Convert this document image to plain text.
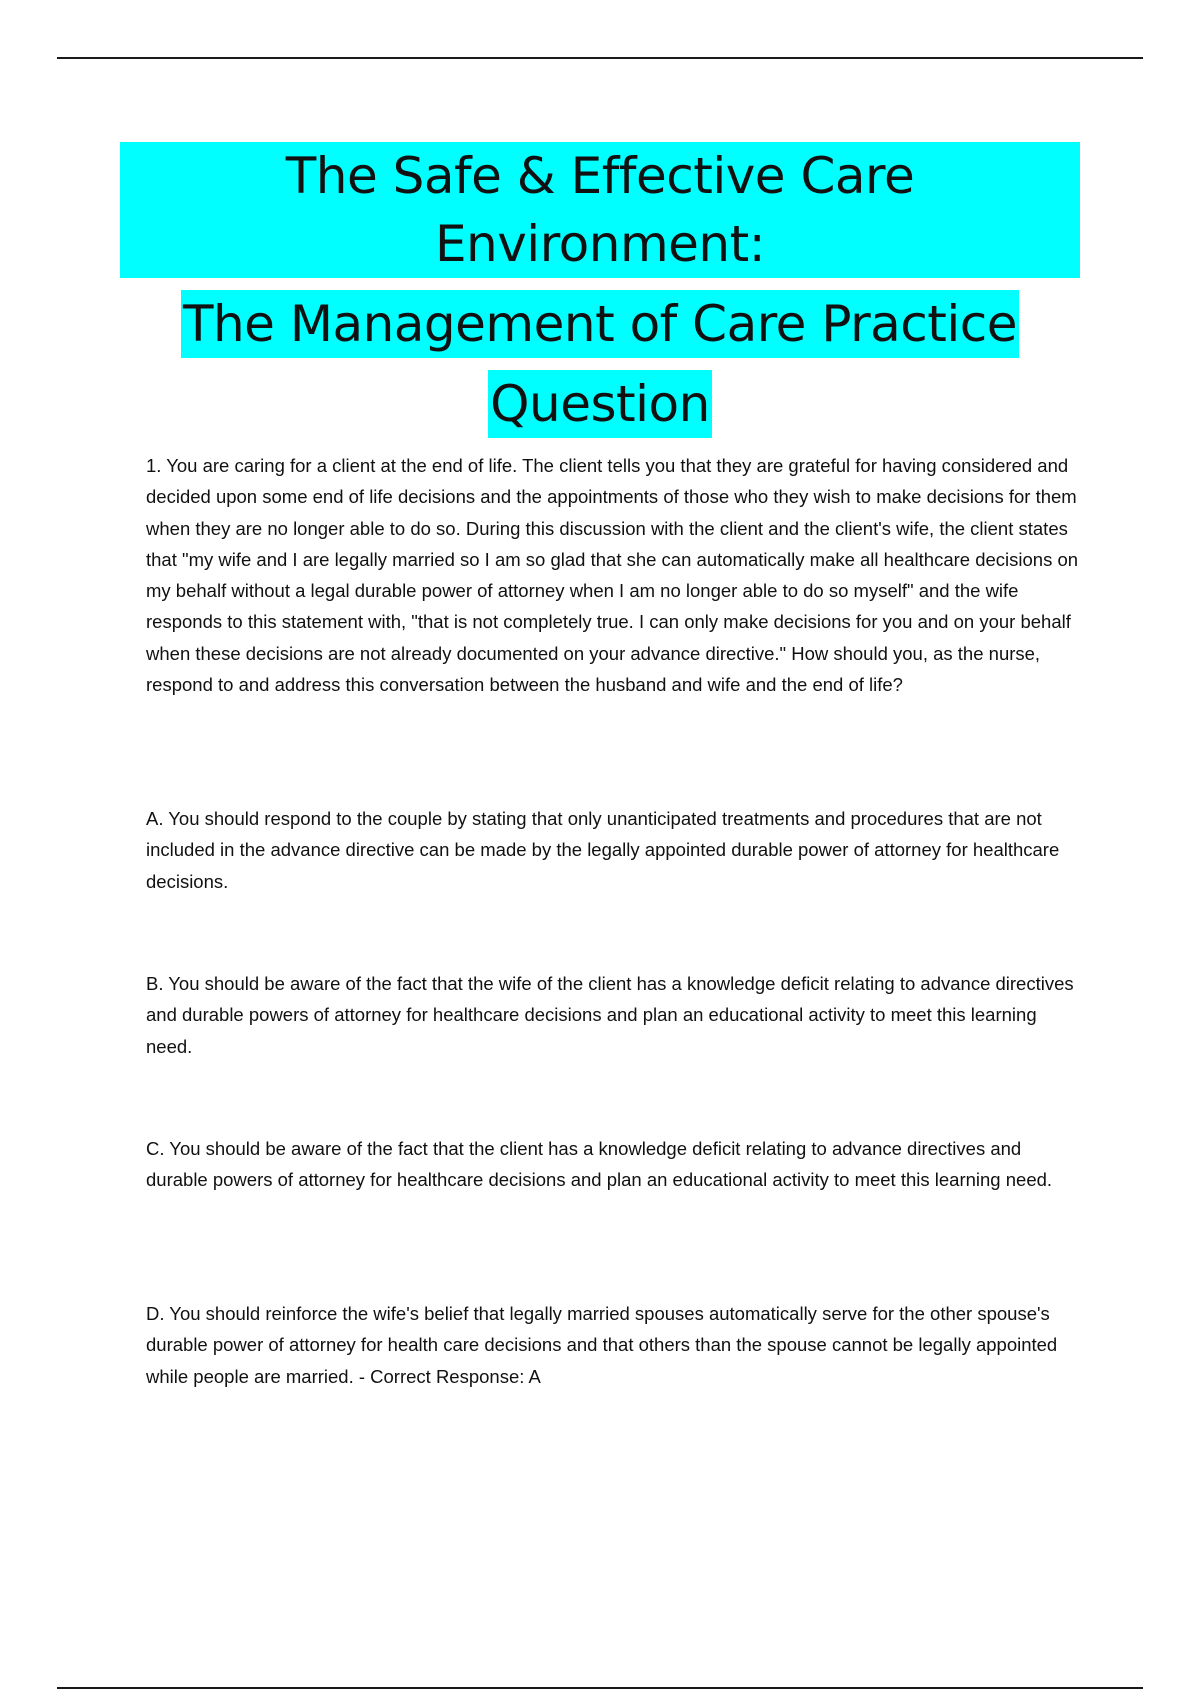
The Safe & Effective Care Environment:
The Management of Care Practice
Question

1. You are caring for a client at the end of life. The client tells you that they are grateful for having considered and decided upon some end of life decisions and the appointments of those who they wish to make decisions for them when they are no longer able to do so. During this discussion with the client and the client's wife, the client states that "my wife and I are legally married so I am so glad that she can automatically make all healthcare decisions on my behalf without a legal durable power of attorney when I am no longer able to do so myself" and the wife responds to this statement with, "that is not completely true. I can only make decisions for you and on your behalf when these decisions are not already documented on your advance directive." How should you, as the nurse, respond to and address this conversation between the husband and wife and the end of life?

A. You should respond to the couple by stating that only unanticipated treatments and procedures that are not included in the advance directive can be made by the legally appointed durable power of attorney for healthcare decisions.

B. You should be aware of the fact that the wife of the client has a knowledge deficit relating to advance directives and durable powers of attorney for healthcare decisions and plan an educational activity to meet this learning need.

C. You should be aware of the fact that the client has a knowledge deficit relating to advance directives and durable powers of attorney for healthcare decisions and plan an educational activity to meet this learning need.

D. You should reinforce the wife's belief that legally married spouses automatically serve for the other spouse's durable power of attorney for health care decisions and that others than the spouse cannot be legally appointed while people are married. - Correct Response: A
